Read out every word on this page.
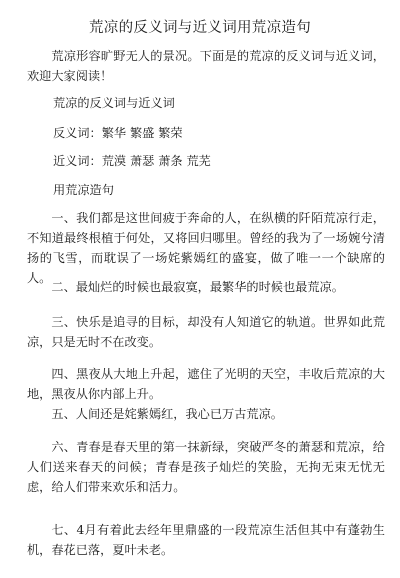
荒凉的反义词与近义词用荒凉造句

荒凉形容旷野无人的景况。下面是的荒凉的反义词与近义词，欢迎大家阅读！

荒凉的反义词与近义词

反义词：繁华 繁盛 繁荣

近义词：荒漠 萧瑟 萧条 荒芜

用荒凉造句

一、我们都是这世间疲于奔命的人，在纵横的阡陌荒凉行走，不知道最终根植于何处，又将回归哪里。曾经的我为了一场婉兮清扬的飞雪，而耽误了一场姹紫嫣红的盛宴，做了唯一一个缺席的人。

二、最灿烂的时候也最寂寞，最繁华的时候也最荒凉。

三、快乐是追寻的目标，却没有人知道它的轨道。世界如此荒凉，只是无时不在改变。

四、黑夜从大地上升起，遮住了光明的天空，丰收后荒凉的大地，黑夜从你内部上升。

五、人间还是姹紫嫣红，我心已万古荒凉。

六、青春是春天里的第一抹新绿，突破严冬的萧瑟和荒凉，给人们送来春天的问候；青春是孩子灿烂的笑脸，无拘无束无忧无虑，给人们带来欢乐和活力。

七、4月有着此去经年里鼎盛的一段荒凉生活但其中有蓬勃生机，春花已落，夏叶未老。
